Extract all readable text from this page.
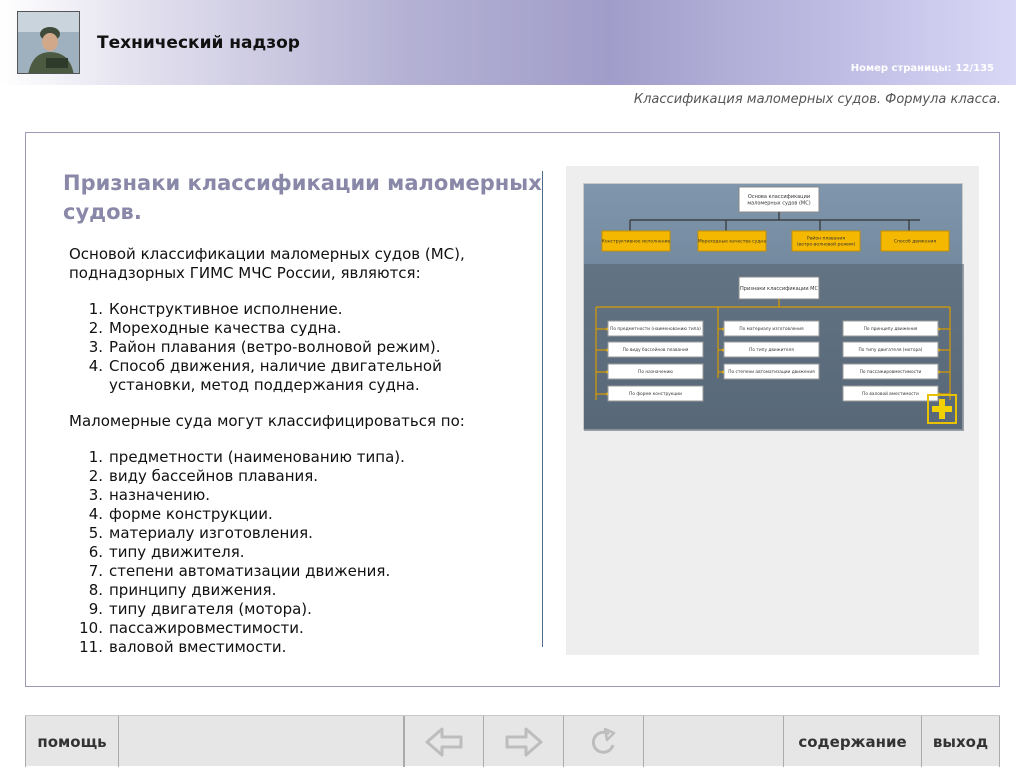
Технический надзор
Номер страницы: 12/135
Классификация маломерных судов. Формула класса.
Признаки классификации маломерных судов.

Основой классификации маломерных судов (МС), поднадзорных ГИМС МЧС России, являются:

1. Конструктивное исполнение.
2. Мореходные качества судна.
3. Район плавания (ветро-волновой режим).
4. Способ движения, наличие двигательной установки, метод поддержания судна.

Маломерные суда могут классифицироваться по:

1. предметности (наименованию типа).
2. виду бассейнов плавания.
3. назначению.
4. форме конструкции.
5. материалу изготовления.
6. типу движителя.
7. степени автоматизации движения.
8. принципу движения.
9. типу двигателя (мотора).
10. пассажировместимости.
11. валовой вместимости.
Основа классификации
маломерных судов (МС)
Конструктивное исполнение	Мореходные качества судна
Район плавания
(ветро-волновой режим)
Способ движения
Признаки классификации МС
По предметности (наименованию типа)
По виду бассейнов плавания
По назначению
По форме конструкции
По материалу изготовления
По типу движителя
По степени автоматизации движения
По принципу движения
По типу двигателя (мотора)
По пассажировместимости
По валовой вместимости
помощь	содержание	выход
